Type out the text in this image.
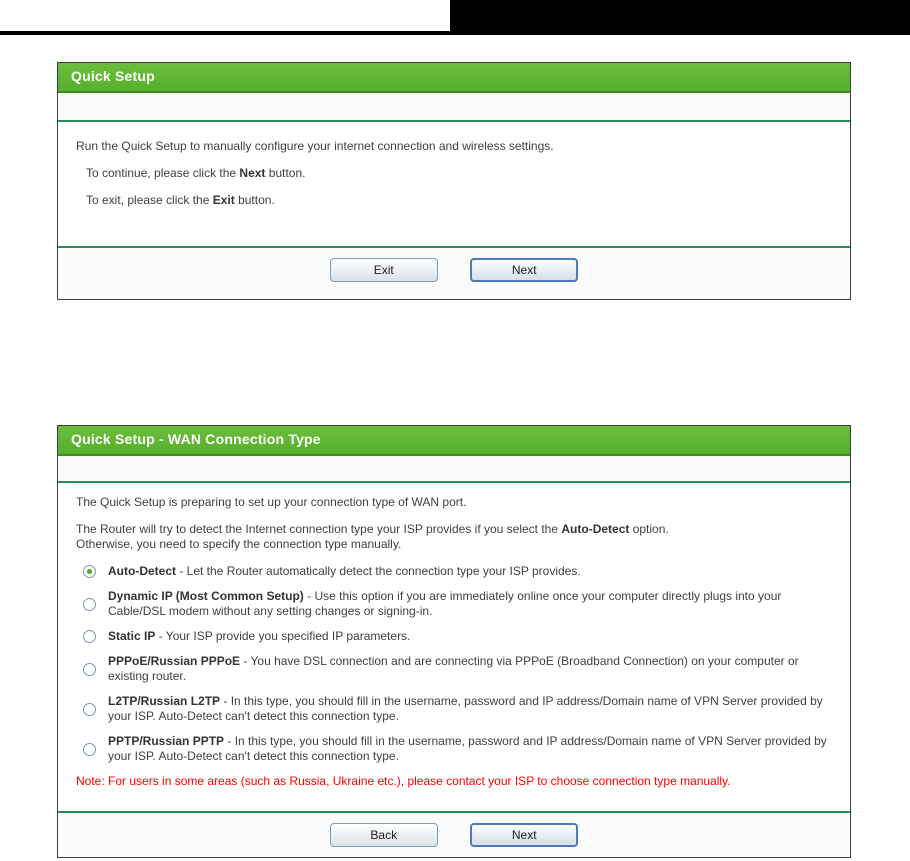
Quick Setup

Run the Quick Setup to manually configure your internet connection and wireless settings.

To continue, please click the Next button.

To exit, please click the Exit button.

Exit	Next
Quick Setup - WAN Connection Type

The Quick Setup is preparing to set up your connection type of WAN port.

The Router will try to detect the Internet connection type your ISP provides if you select the Auto-Detect option.
Otherwise, you need to specify the connection type manually.

Auto-Detect - Let the Router automatically detect the connection type your ISP provides.
Dynamic IP (Most Common Setup) - Use this option if you are immediately online once your computer directly plugs into your Cable/DSL modem without any setting changes or signing-in.
Static IP - Your ISP provide you specified IP parameters.
PPPoE/Russian PPPoE - You have DSL connection and are connecting via PPPoE (Broadband Connection) on your computer or existing router.
L2TP/Russian L2TP - In this type, you should fill in the username, password and IP address/Domain name of VPN Server provided by your ISP. Auto-Detect can't detect this connection type.
PPTP/Russian PPTP - In this type, you should fill in the username, password and IP address/Domain name of VPN Server provided by your ISP. Auto-Detect can't detect this connection type.

Note: For users in some areas (such as Russia, Ukraine etc.), please contact your ISP to choose connection type manually.

Back	Next
